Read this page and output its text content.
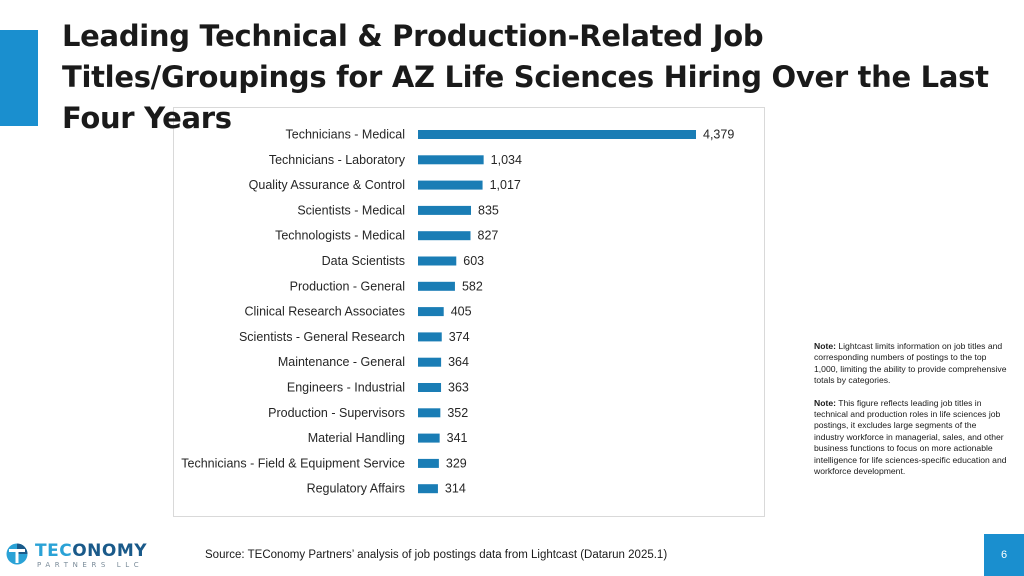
Leading Technical & Production-Related Job Titles/Groupings for AZ Life Sciences Hiring Over the Last Four Years	Technicians - Medical	4,379
Technicians - Laboratory	1,034
Quality Assurance & Control	1,017
Scientists - Medical	835
Technologists - Medical	827
Data Scientists	603
Production - General	582
Clinical Research Associates	405
Scientists - General Research	374
Maintenance - General	364
Engineers - Industrial	363
Production - Supervisors	352
Material Handling	341
Technicians - Field & Equipment Service	329
Regulatory Affairs	314

Note: Lightcast limits information on job titles and corresponding numbers of postings to the top 1,000, limiting the ability to provide comprehensive totals by categories.

Note: This figure reflects leading job titles in technical and production roles in life sciences job postings, it excludes large segments of the industry workforce in managerial, sales, and other business functions to focus on more actionable intelligence for life sciences-specific education and workforce development.

TECONOMY
PARTNERS LLC
Source: TEConomy Partners’ analysis of job postings data from Lightcast (Datarun 2025.1)	6
